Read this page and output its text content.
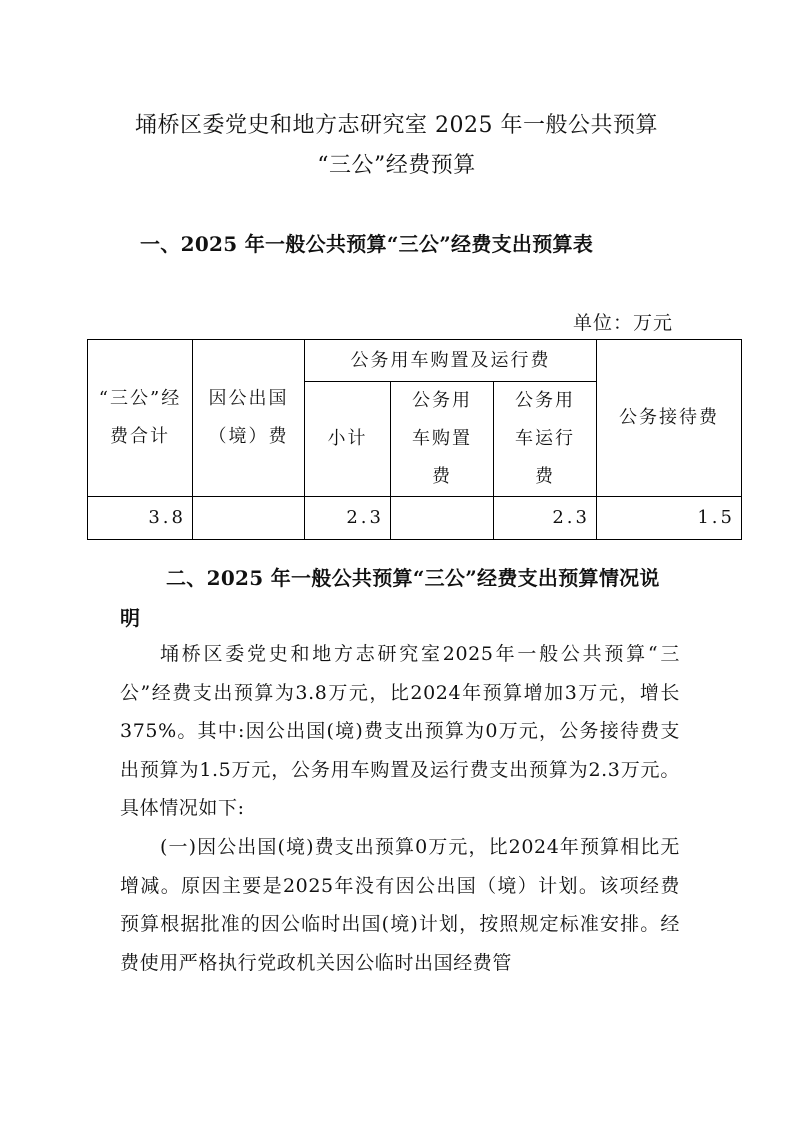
埇桥区委党史和地方志研究室 2025 年一般公共预算
“三公”经费预算
一、2025 年一般公共预算“三公”经费支出预算表
单位：万元
“三公”经费合计	因公出国（境）费	公务用车购置及运行费			公务接待费
		小计	公务用车购置费	公务用车运行费	

3.8		2.3		2.3	1.5
二、2025 年一般公共预算“三公”经费支出预算情况说明
埇桥区委党史和地方志研究室2025年一般公共预算“三公”经费支出预算为3.8万元，比2024年预算增加3万元，增长375%。其中:因公出国(境)费支出预算为0万元，公务接待费支出预算为1.5万元，公务用车购置及运行费支出预算为2.3万元。具体情况如下:
(一)因公出国(境)费支出预算0万元，比2024年预算相比无增减。原因主要是2025年没有因公出国（境）计划。该项经费预算根据批准的因公临时出国(境)计划，按照规定标准安排。经费使用严格执行党政机关因公临时出国经费管
